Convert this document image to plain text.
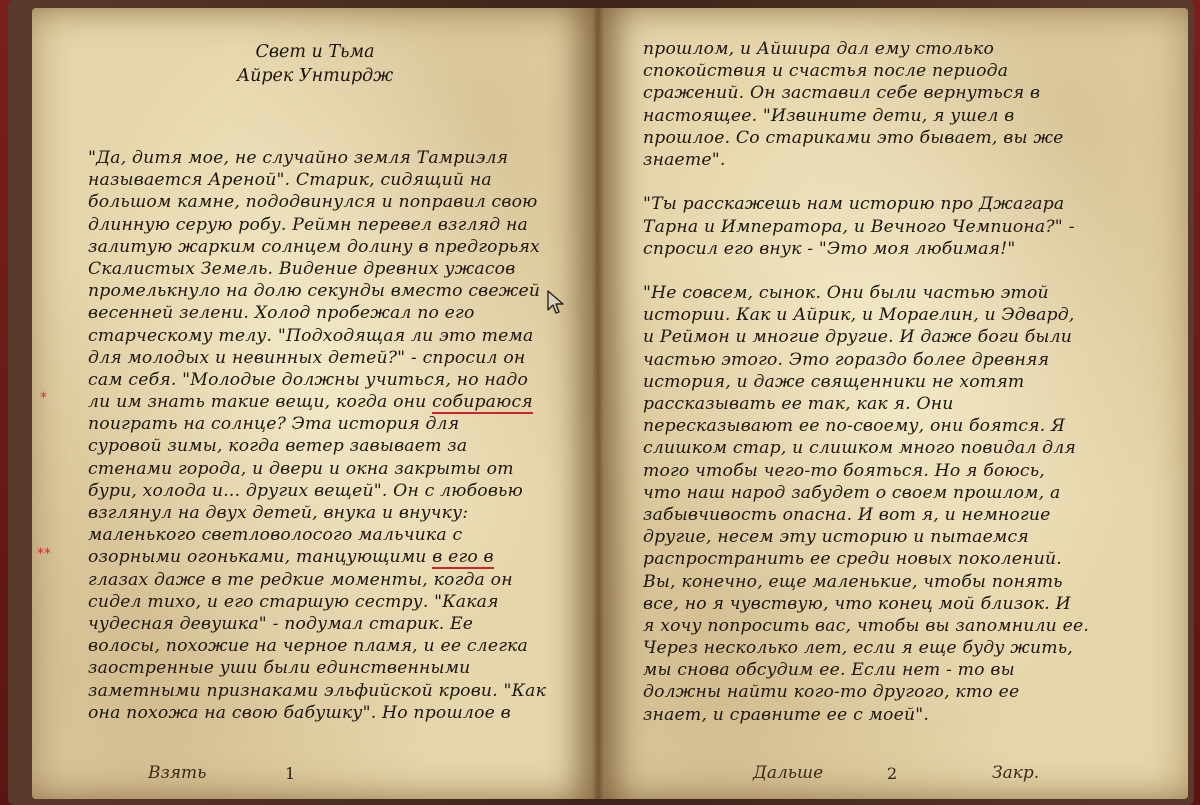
Свет и Тьма
Айрек Унтирдж
"Да, дитя мое, не случайно земля Тамриэля
называется Ареной". Старик, сидящий на
большом камне, пододвинулся и поправил свою
длинную серую робу. Реймн перевел взгляд на
залитую жарким солнцем долину в предгорьях
Скалистых Земель. Видение древних ужасов
промелькнуло на долю секунды вместо свежей
весенней зелени. Холод пробежал по его
старческому телу. "Подходящая ли это тема
для молодых и невинных детей?" - спросил он
сам себя. "Молодые должны учиться, но надо
ли им знать такие вещи, когда они собираюся
поиграть на солнце? Эта история для
суровой зимы, когда ветер завывает за
стенами города, и двери и окна закрыты от
бури, холода и... других вещей". Он с любовью
взглянул на двух детей, внука и внучку:
маленького светловолосого мальчика с
озорными огоньками, танцующими в его в
глазах даже в те редкие моменты, когда он
сидел тихо, и его старшую сестру. "Какая
чудесная девушка" - подумал старик. Ее
волосы, похожие на черное пламя, и ее слегка
заостренные уши были единственными
заметными признаками эльфийской крови. "Как
она похожа на свою бабушку". Но прошлое в
прошлом, и Айшира дал ему столько
спокойствия и счастья после периода
сражений. Он заставил себе вернуться в
настоящее. "Извините дети, я ушел в
прошлое. Со стариками это бывает, вы же
знаете".

"Ты расскажешь нам историю про Джагара
Тарна и Императора, и Вечного Чемпиона?" -
спросил его внук - "Это моя любимая!"

"Не совсем, сынок. Они были частью этой
истории. Как и Айрик, и Мораелин, и Эдвард,
и Реймон и многие другие. И даже боги были
частью этого. Это гораздо более древняя
история, и даже священники не хотят
рассказывать ее так, как я. Они
пересказывают ее по-своему, они боятся. Я
слишком стар, и слишком много повидал для
того чтобы чего-то бояться. Но я боюсь,
что наш народ забудет о своем прошлом, а
забывчивость опасна. И вот я, и немногие
другие, несем эту историю и пытаемся
распространить ее среди новых поколений.
Вы, конечно, еще маленькие, чтобы понять
все, но я чувствую, что конец мой близок. И
я хочу попросить вас, чтобы вы запомнили ее.
Через несколько лет, если я еще буду жить,
мы снова обсудим ее. Если нет - то вы
должны найти кого-то другого, кто ее
знает, и сравните ее с моей".
*
**
Взять	1	Дальше	2	Закр.
